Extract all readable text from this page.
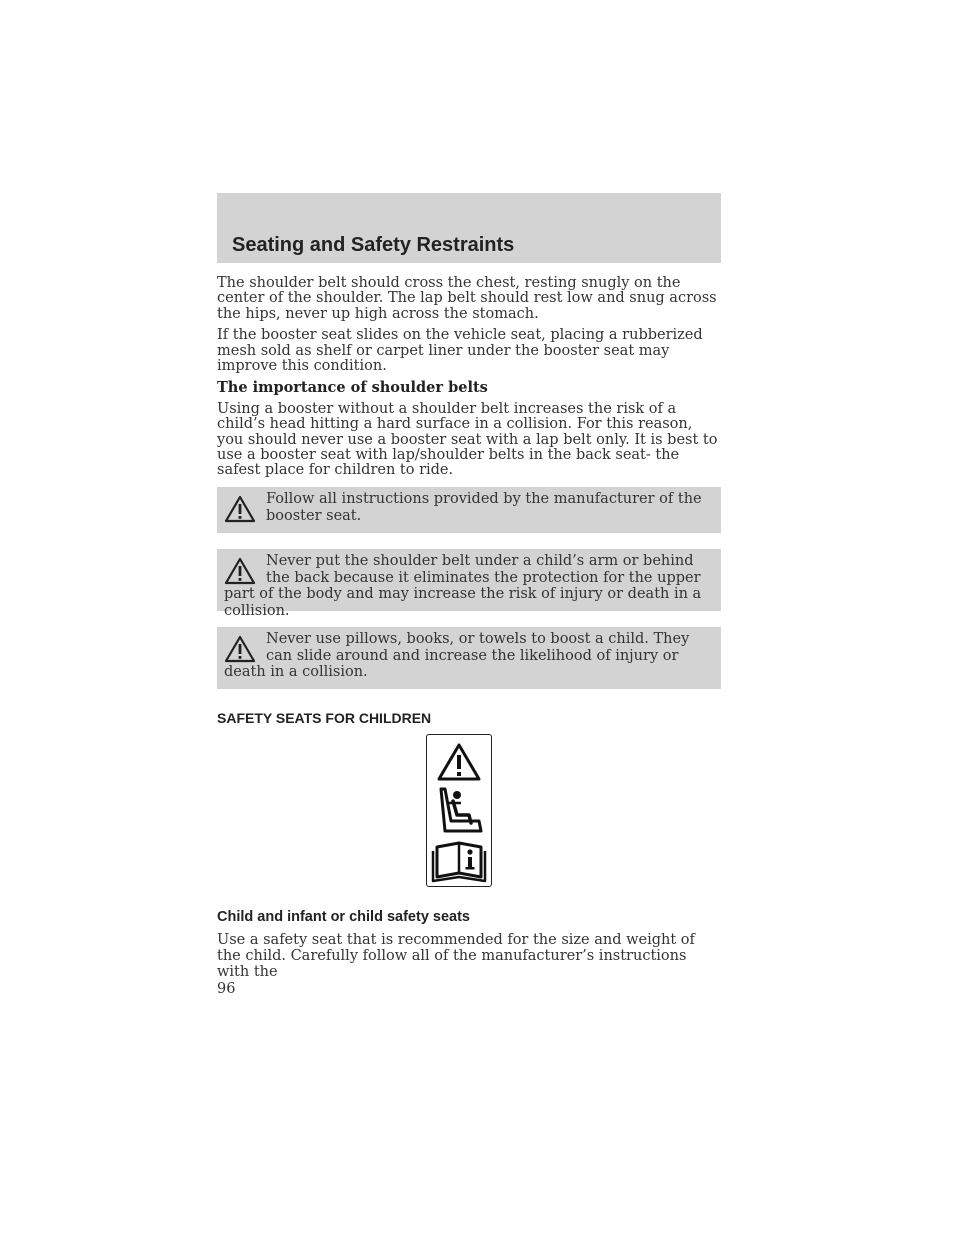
Seating and Safety Restraints

The shoulder belt should cross the chest, resting snugly on the center of the shoulder. The lap belt should rest low and snug across the hips, never up high across the stomach.

If the booster seat slides on the vehicle seat, placing a rubberized mesh sold as shelf or carpet liner under the booster seat may improve this condition.

The importance of shoulder belts

Using a booster without a shoulder belt increases the risk of a child’s head hitting a hard surface in a collision. For this reason, you should never use a booster seat with a lap belt only. It is best to use a booster seat with lap/shoulder belts in the back seat- the safest place for children to ride.

Follow all instructions provided by the manufacturer of the booster seat.

Never put the shoulder belt under a child’s arm or behind the back because it eliminates the protection for the upper part of the body and may increase the risk of injury or death in a collision.

Never use pillows, books, or towels to boost a child. They can slide around and increase the likelihood of injury or death in a collision.

SAFETY SEATS FOR CHILDREN
Child and infant or child safety seats

Use a safety seat that is recommended for the size and weight of the child. Carefully follow all of the manufacturer’s instructions with the

96
